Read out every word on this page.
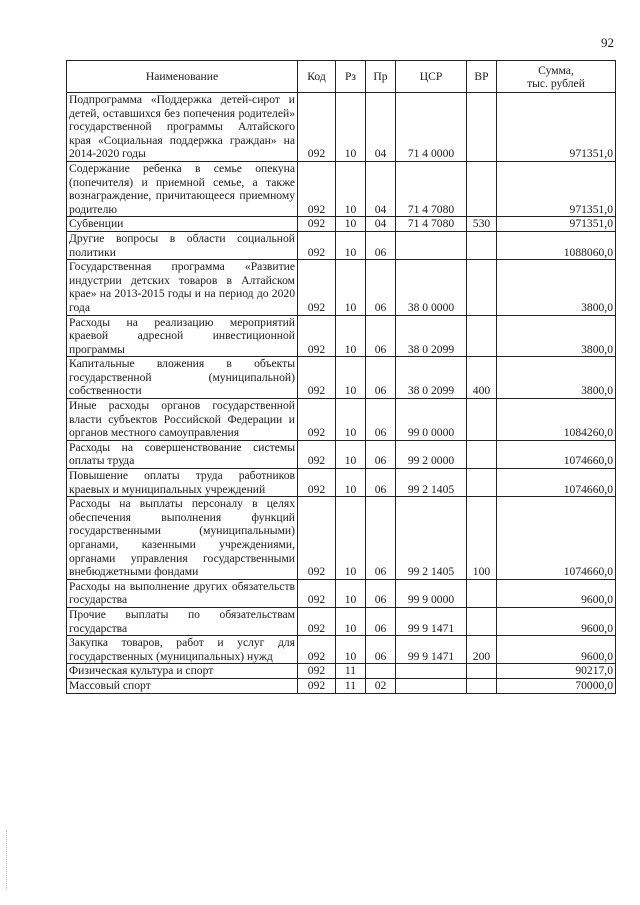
92
Наименование	Код	Рз	Пр	ЦСР	ВР	Сумма,
тыс. рублей
Подпрограмма «Поддержка детей-сирот и детей, оставшихся без попечения родителей» государственной программы Алтайского края «Социальная поддержка граждан» на 2014-2020 годы	092	10	04	71 4 0000		971351,0
Содержание ребенка в семье опекуна (попечителя) и приемной семье, а также вознаграждение, причитающееся приемному родителю	092	10	04	71 4 7080		971351,0
Субвенции	092	10	04	71 4 7080	530	971351,0
Другие вопросы в области социальной политики	092	10	06			1088060,0
Государственная программа «Развитие индустрии детских товаров в Алтайском крае» на 2013-2015 годы и на период до 2020 года	092	10	06	38 0 0000		3800,0
Расходы на реализацию мероприятий краевой адресной инвестиционной программы	092	10	06	38 0 2099		3800,0
Капитальные вложения в объекты государственной (муниципальной) собственности	092	10	06	38 0 2099	400	3800,0
Иные расходы органов государственной власти субъектов Российской Федерации и органов местного самоуправления	092	10	06	99 0 0000		1084260,0
Расходы на совершенствование системы оплаты труда	092	10	06	99 2 0000		1074660,0
Повышение оплаты труда работников краевых и муниципальных учреждений	092	10	06	99 2 1405		1074660,0
Расходы на выплаты персоналу в целях обеспечения выполнения функций государственными (муниципальными) органами, казенными учреждениями, органами управления государственными внебюджетными фондами	092	10	06	99 2 1405	100	1074660,0
Расходы на выполнение других обязательств государства	092	10	06	99 9 0000		9600,0
Прочие выплаты по обязательствам государства	092	10	06	99 9 1471		9600,0
Закупка товаров, работ и услуг для государственных (муниципальных) нужд	092	10	06	99 9 1471	200	9600,0
Физическая культура и спорт	092	11				90217,0
Массовый спорт	092	11	02			70000,0
